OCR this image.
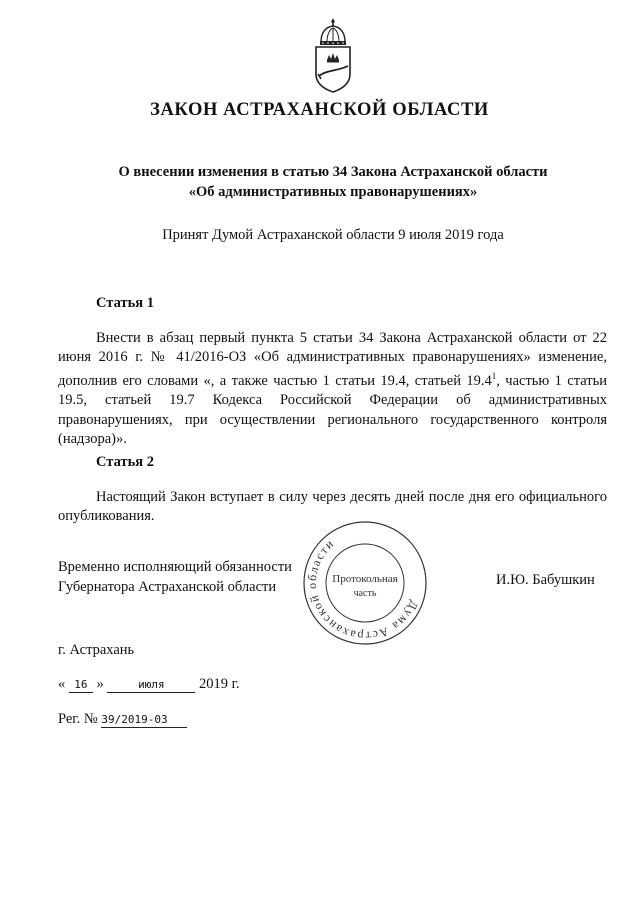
ЗАКОН АСТРАХАНСКОЙ ОБЛАСТИ
О внесении изменения в статью 34 Закона Астраханской области
«Об административных правонарушениях»
Принят Думой Астраханской области 9 июля 2019 года
Статья 1

Внести в абзац первый пункта 5 статьи 34 Закона Астраханской области от 22 июня 2016 г. № 41/2016-ОЗ «Об административных правонарушениях» изменение, дополнив его словами «, а также частью 1 статьи 19.4, статьей 19.4$^1$, частью 1 статьи 19.5, статьей 19.7 Кодекса Российской Федерации об административных правонарушениях, при осуществлении регионального государственного контроля (надзора)».

Статья 2

Настоящий Закон вступает в силу через десять дней после дня его официального опубликования.

Временно исполняющий обязанности
Губернатора Астраханской области	И.Ю. Бабушкин
Дума Астраханской области
Протокольная
часть
г. Астрахань
« 16 »	июля 2019 г.
Рег. № 39/2019-03
